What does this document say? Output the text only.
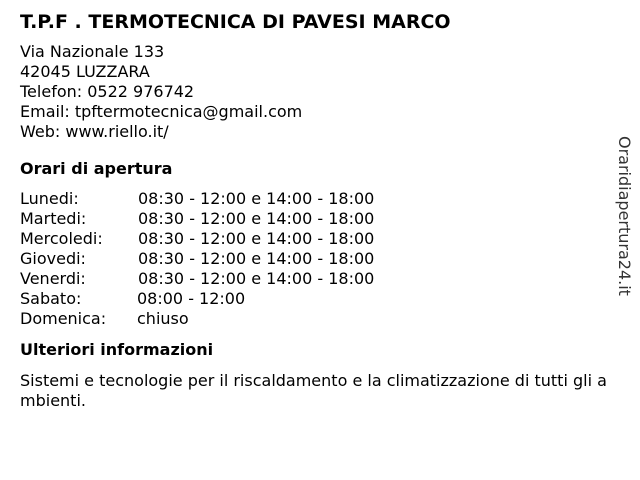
T.P.F . TERMOTECNICA DI PAVESI MARCO
Via Nazionale 133
42045 LUZZARA
Telefon: 0522 976742
Email: tpftermotecnica@gmail.com
Web: www.riello.it/
Orari di apertura
Lunedi:	08:30 - 12:00 e 14:00 - 18:00
Martedi:	08:30 - 12:00 e 14:00 - 18:00
Mercoledi: 08:30 - 12:00 e 14:00 - 18:00
Giovedi:	08:30 - 12:00 e 14:00 - 18:00
Venerdi:	08:30 - 12:00 e 14:00 - 18:00
Sabato:	08:00 - 12:00
Domenica: chiuso
Ulteriori informazioni
Sistemi e tecnologie per il riscaldamento e la climatizzazione di tutti gli ambienti.
Oraridiapertura24.it
